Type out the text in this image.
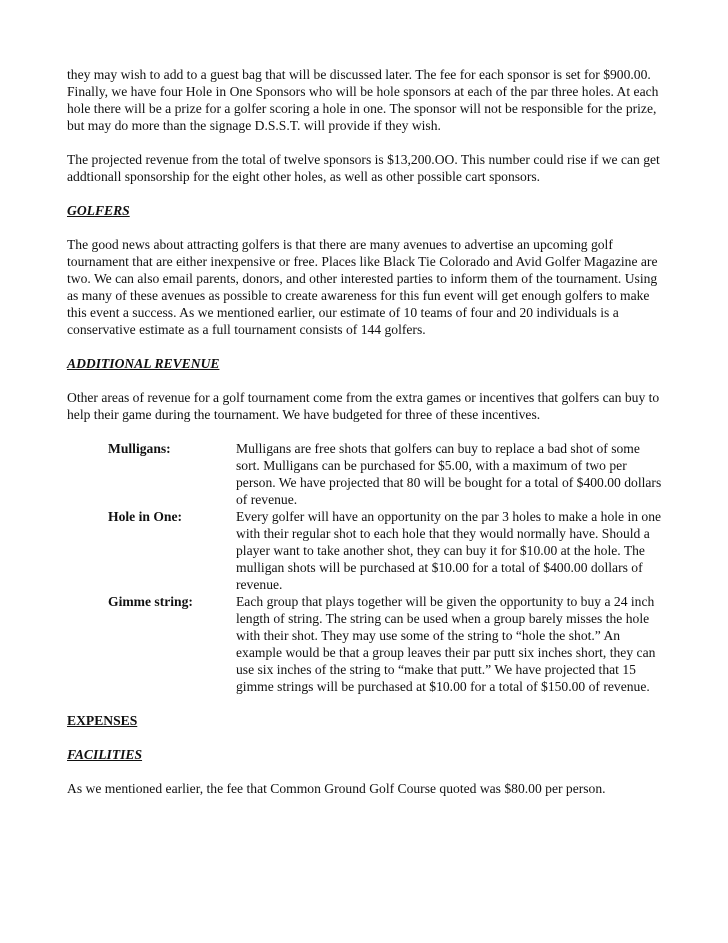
they may wish to add to a guest bag that will be discussed later. The fee for each sponsor is set for $900.00. Finally, we have four Hole in One Sponsors who will be hole sponsors at each of the par three holes. At each hole there will be a prize for a golfer scoring a hole in one. The sponsor will not be responsible for the prize, but may do more than the signage D.S.S.T. will provide if they wish.

The projected revenue from the total of twelve sponsors is $13,200.OO. This number could rise if we can get addtionall sponsorship for the eight other holes, as well as other possible cart sponsors.

GOLFERS

The good news about attracting golfers is that there are many avenues to advertise an upcoming golf tournament that are either inexpensive or free. Places like Black Tie Colorado and Avid Golfer Magazine are two. We can also email parents, donors, and other interested parties to inform them of the tournament. Using as many of these avenues as possible to create awareness for this fun event will get enough golfers to make this event a success. As we mentioned earlier, our estimate of 10 teams of four and 20 individuals is a conservative estimate as a full tournament consists of 144 golfers.

ADDITIONAL REVENUE

Other areas of revenue for a golf tournament come from the extra games or incentives that golfers can buy to help their game during the tournament. We have budgeted for three of these incentives.

Mulligans:	Mulligans are free shots that golfers can buy to replace a bad shot of some sort. Mulligans can be purchased for $5.00, with a maximum of two per person. We have projected that 80 will be bought for a total of $400.00 dollars of revenue.
Hole in One:	Every golfer will have an opportunity on the par 3 holes to make a hole in one with their regular shot to each hole that they would normally have. Should a player want to take another shot, they can buy it for $10.00 at the hole. The mulligan shots will be purchased at $10.00 for a total of $400.00 dollars of revenue.
Gimme string:	Each group that plays together will be given the opportunity to buy a 24 inch length of string. The string can be used when a group barely misses the hole with their shot. They may use some of the string to “hole the shot.” An example would be that a group leaves their par putt six inches short, they can use six inches of the string to “make that putt.” We have projected that 15 gimme strings will be purchased at $10.00 for a total of $150.00 of revenue.
EXPENSES
FACILITIES

As we mentioned earlier, the fee that Common Ground Golf Course quoted was $80.00 per person.
